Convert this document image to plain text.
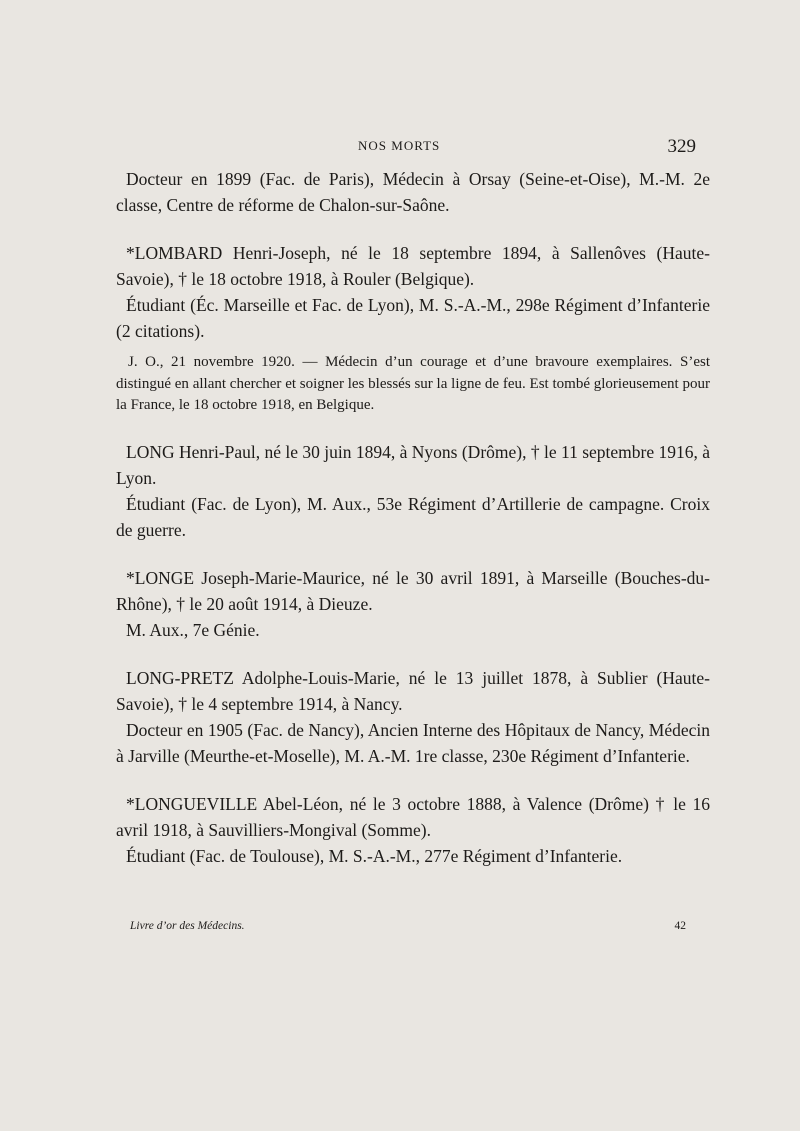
NOS MORTS	329

Docteur en 1899 (Fac. de Paris), Médecin à Orsay (Seine-et-Oise), M.-M. 2e classe, Centre de réforme de Chalon-sur-Saône.

*LOMBARD Henri-Joseph, né le 18 septembre 1894, à Sallenôves (Haute-Savoie), † le 18 octobre 1918, à Rouler (Belgique).

Étudiant (Éc. Marseille et Fac. de Lyon), M. S.-A.-M., 298e Régiment d’Infanterie (2 citations).

J. O., 21 novembre 1920. — Médecin d’un courage et d’une bravoure exemplaires. S’est distingué en allant chercher et soigner les blessés sur la ligne de feu. Est tombé glorieusement pour la France, le 18 octobre 1918, en Belgique.

LONG Henri-Paul, né le 30 juin 1894, à Nyons (Drôme), † le 11 septembre 1916, à Lyon.

Étudiant (Fac. de Lyon), M. Aux., 53e Régiment d’Artillerie de campagne. Croix de guerre.

*LONGE Joseph-Marie-Maurice, né le 30 avril 1891, à Marseille (Bouches-du-Rhône), † le 20 août 1914, à Dieuze.

M. Aux., 7e Génie.

LONG-PRETZ Adolphe-Louis-Marie, né le 13 juillet 1878, à Sublier (Haute-Savoie), † le 4 septembre 1914, à Nancy.

Docteur en 1905 (Fac. de Nancy), Ancien Interne des Hôpitaux de Nancy, Médecin à Jarville (Meurthe-et-Moselle), M. A.-M. 1re classe, 230e Régiment d’Infanterie.

*LONGUEVILLE Abel-Léon, né le 3 octobre 1888, à Valence (Drôme) † le 16 avril 1918, à Sauvilliers-Mongival (Somme).

Étudiant (Fac. de Toulouse), M. S.-A.-M., 277e Régiment d’Infanterie.

Livre d’or des Médecins.	42
